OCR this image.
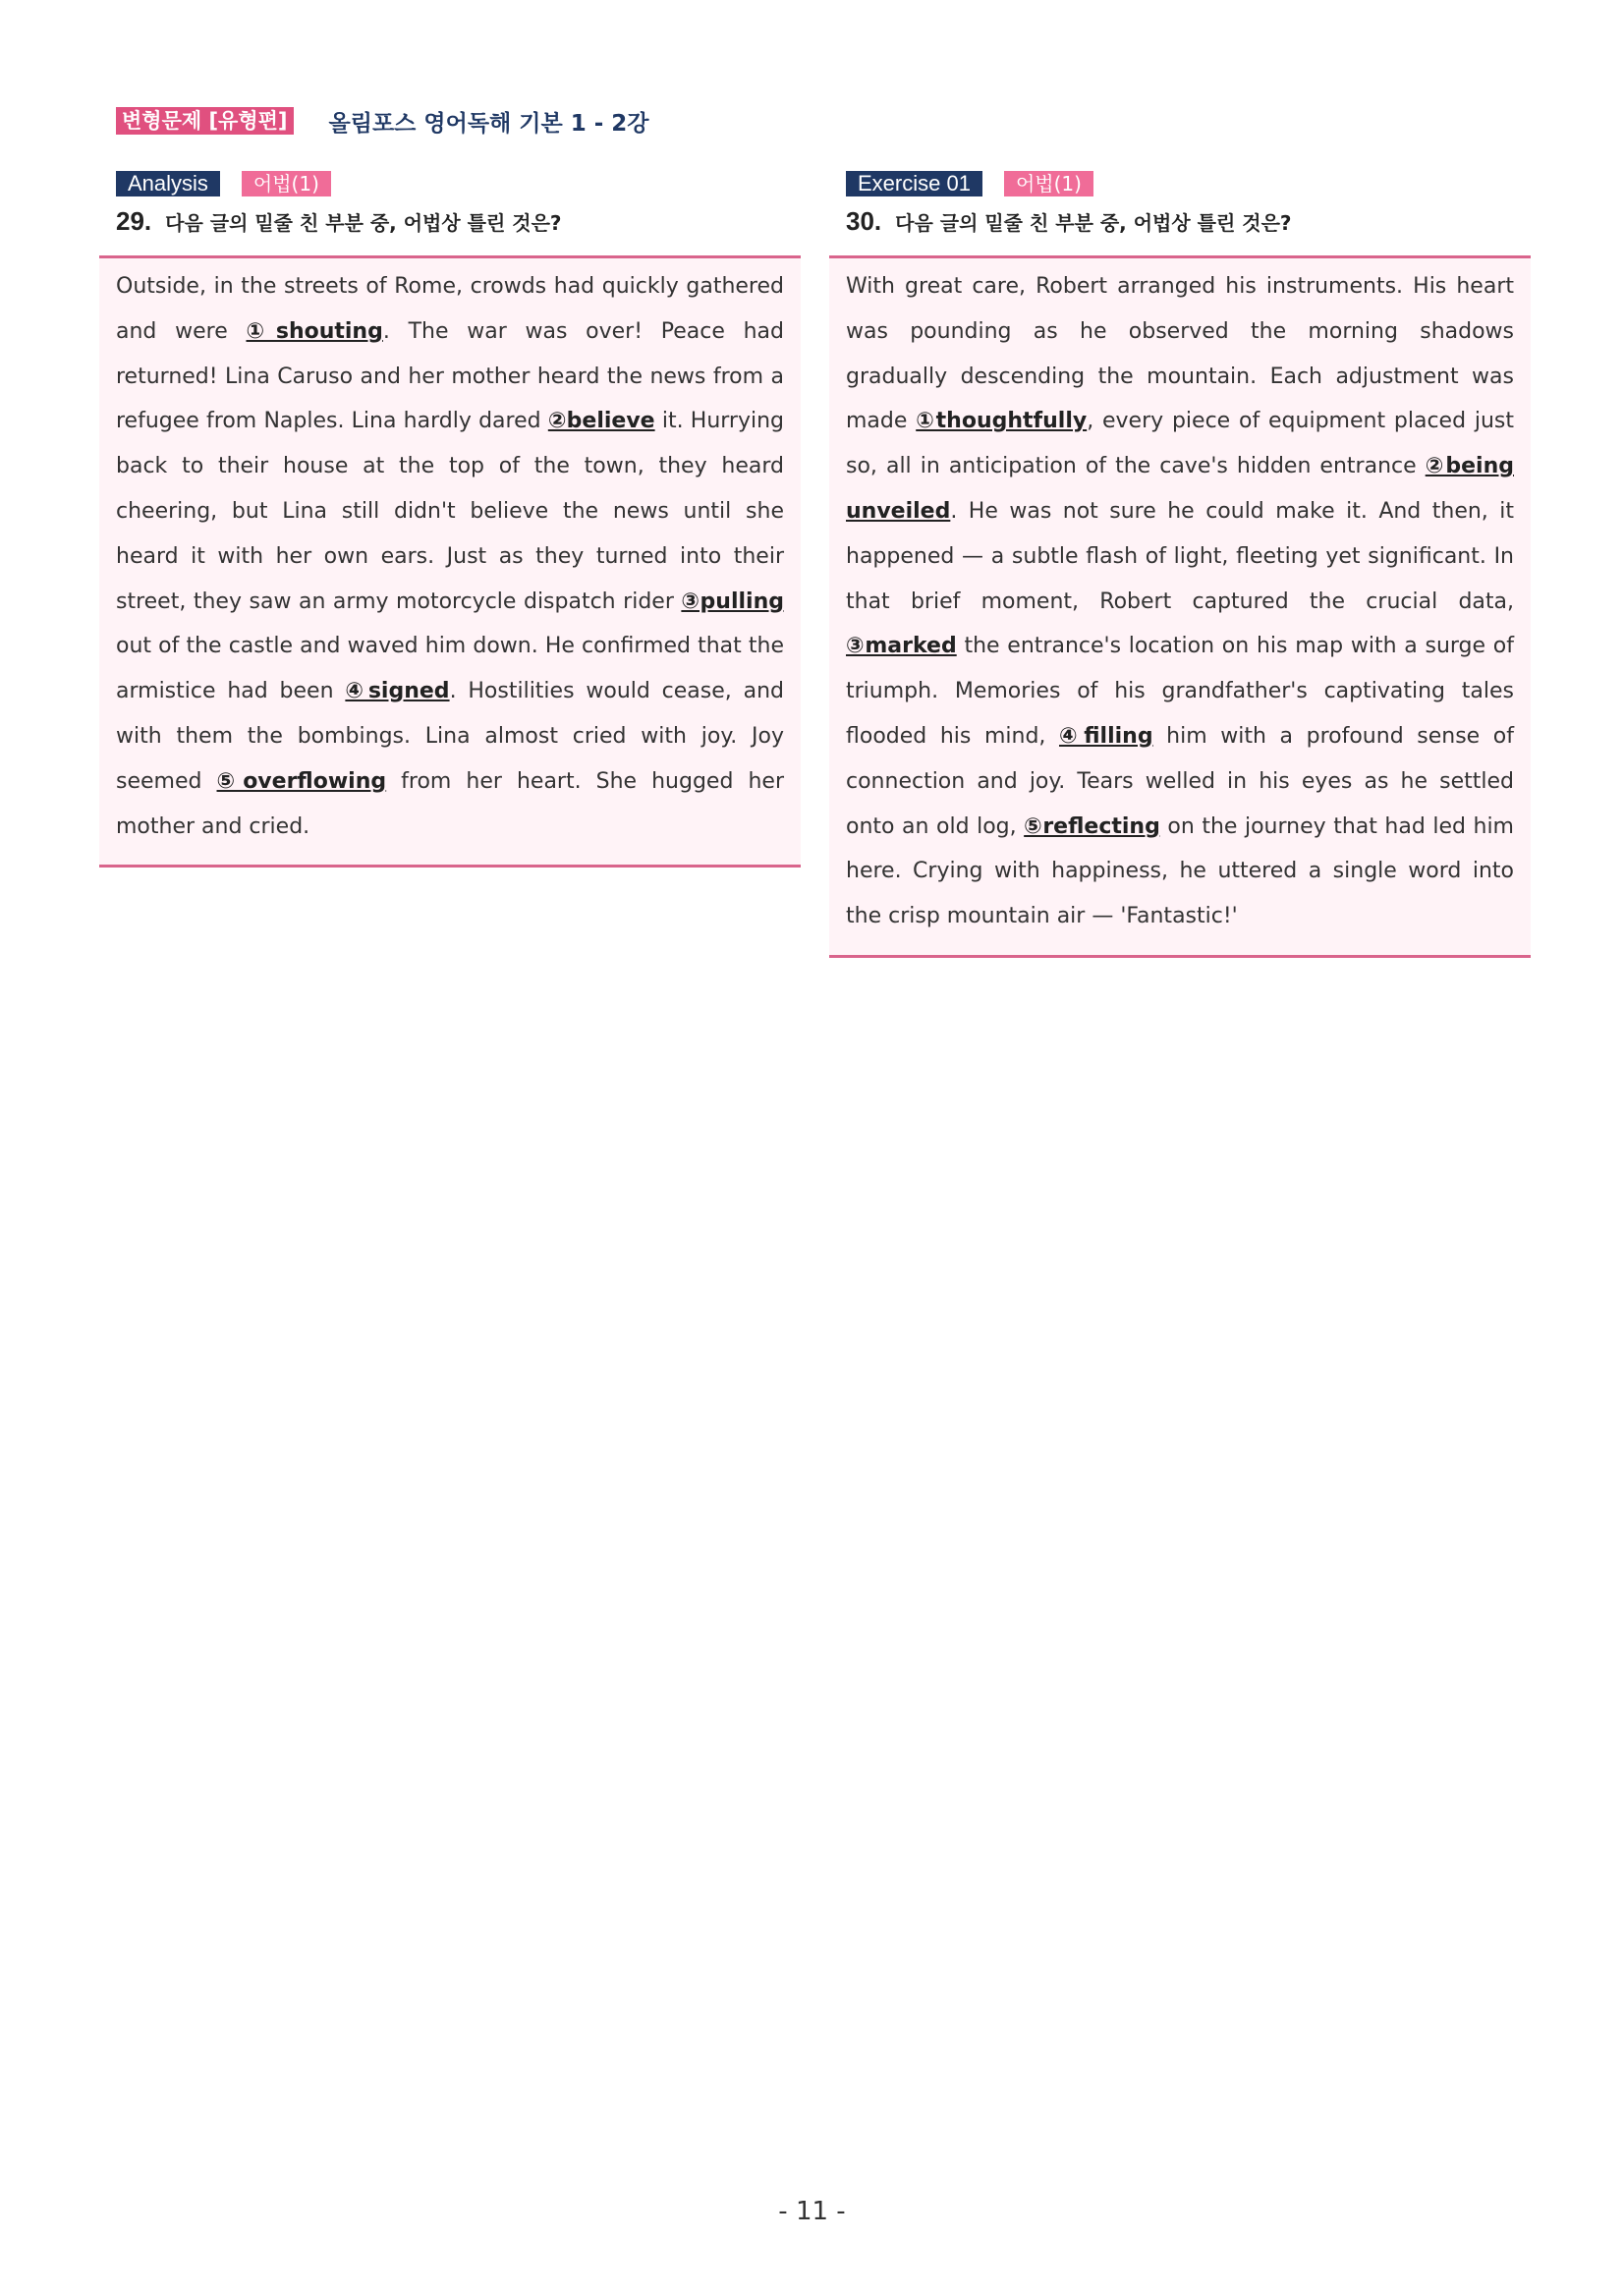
변형문제 [유형편] 올림포스 영어독해 기본 1 - 2강
Analysis	어법(1)
29. 다음 글의 밑줄 친 부분 중, 어법상 틀린 것은?

Outside, in the streets of Rome, crowds had quickly gathered and were ①shouting. The war was over! Peace had returned! Lina Caruso and her mother heard the news from a refugee from Naples. Lina hardly dared ②believe it. Hurrying back to their house at the top of the town, they heard cheering, but Lina still didn't believe the news until she heard it with her own ears. Just as they turned into their street, they saw an army motorcycle dispatch rider ③pulling out of the castle and waved him down. He confirmed that the armistice had been ④signed. Hostilities would cease, and with them the bombings. Lina almost cried with joy. Joy seemed ⑤overflowing from her heart. She hugged her mother and cried.

Exercise 01	어법(1)
30. 다음 글의 밑줄 친 부분 중, 어법상 틀린 것은?

With great care, Robert arranged his instruments. His heart was pounding as he observed the morning shadows gradually descending the mountain. Each adjustment was made ①thoughtfully, every piece of equipment placed just so, all in anticipation of the cave's hidden entrance ②being unveiled. He was not sure he could make it. And then, it happened — a subtle flash of light, fleeting yet significant. In that brief moment, Robert captured the crucial data, ③marked the entrance's location on his map with a surge of triumph. Memories of his grandfather's captivating tales flooded his mind, ④filling him with a profound sense of connection and joy. Tears welled in his eyes as he settled onto an old log, ⑤reflecting on the journey that had led him here. Crying with happiness, he uttered a single word into the crisp mountain air — 'Fantastic!'

- 11 -
